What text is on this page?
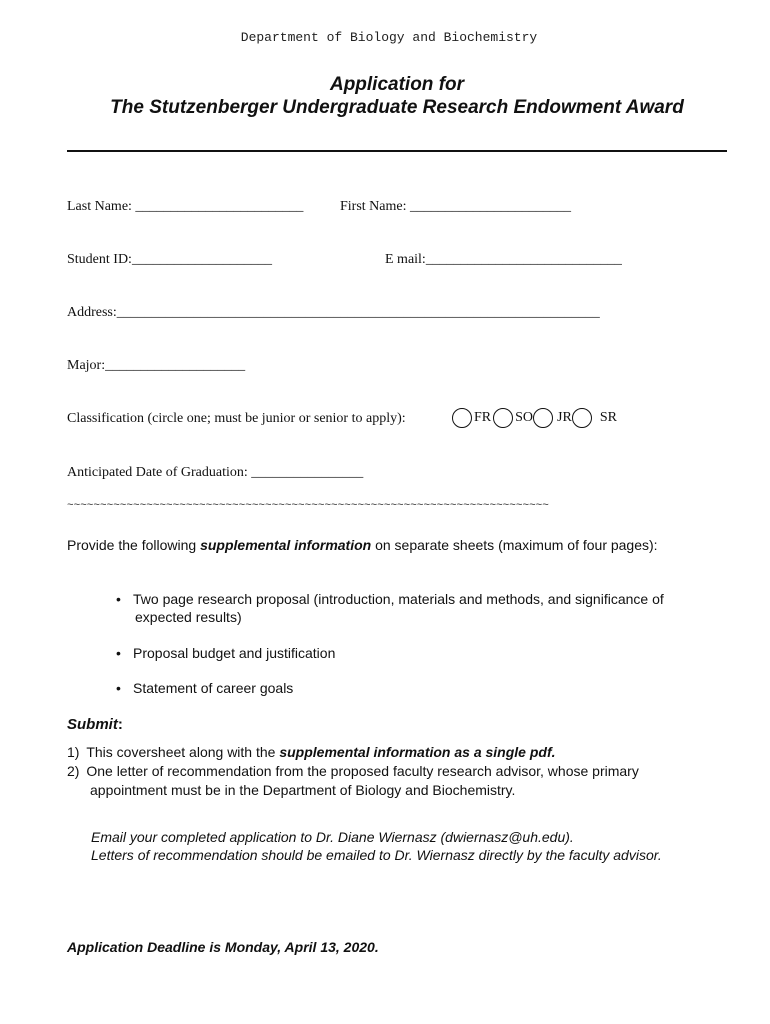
Department of Biology and Biochemistry
Application for
The Stutzenberger Undergraduate Research Endowment Award
Last Name: ________________________	First Name: _______________________
Student ID:____________________	E mail:____________________________
Address:_____________________________________________________________________
Major:____________________
Classification (circle one; must be junior or senior to apply):	FR SO JR SR
Anticipated Date of Graduation: ________________
~~~~~~~~~~~~~~~~~~~~~~~~~~~~~~~~~~~~~~~~~~~~~~~~~~~~~~~~~~~~~~~~~~~~~~~~~
Provide the following supplemental information on separate sheets (maximum of four pages):
• Two page research proposal (introduction, materials and methods, and significance of
expected results)
• Proposal budget and justification
• Statement of career goals
Submit:
1) This coversheet along with the supplemental information as a single pdf.
2) One letter of recommendation from the proposed faculty research advisor, whose primary
appointment must be in the Department of Biology and Biochemistry.
Email your completed application to Dr. Diane Wiernasz (dwiernasz@uh.edu).
Letters of recommendation should be emailed to Dr. Wiernasz directly by the faculty advisor.
Application Deadline is Monday, April 13, 2020.
